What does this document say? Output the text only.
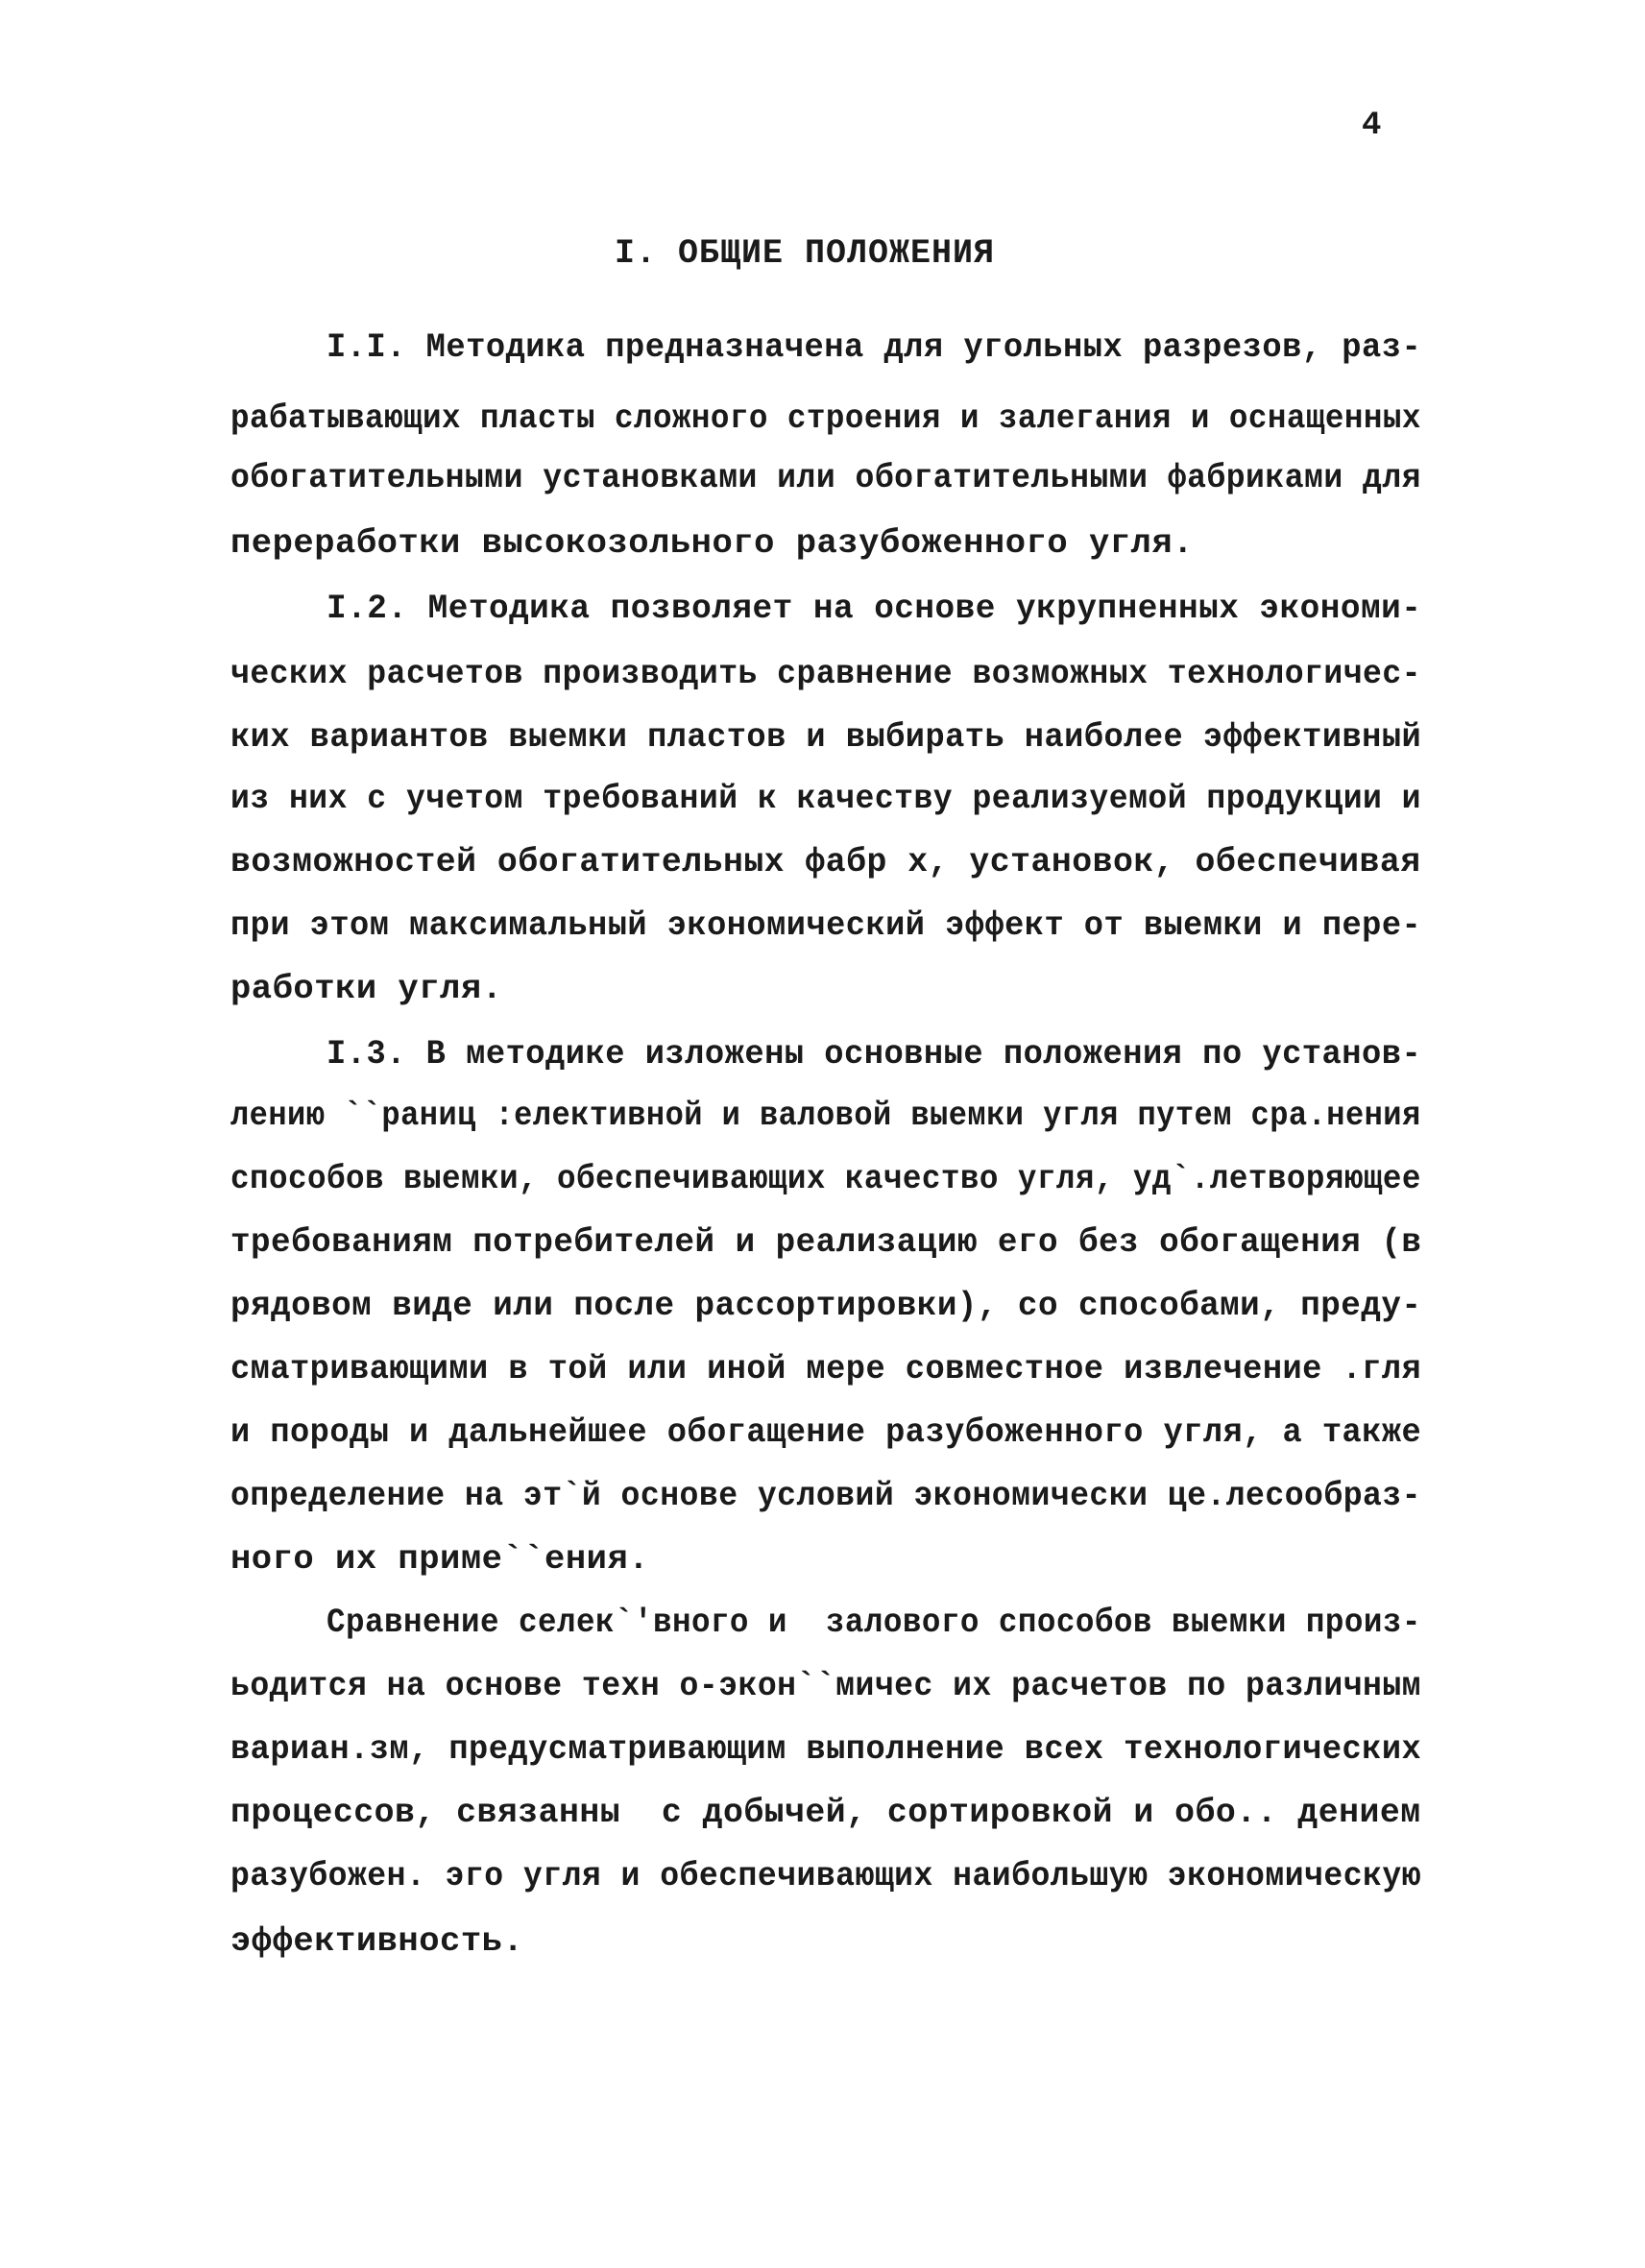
4
I. ОБЩИЕ ПОЛОЖЕНИЯ
I.I. Методика предназначена для угольных разрезов, раз-
рабатывающих пласты сложного строения и залегания и оснащенных
обогатительными установками или обогатительными фабриками для
переработки высокозольного разубоженного угля.
I.2. Методика позволяет на основе укрупненных экономи-
ческих расчетов производить сравнение возможных технологичес-
ких вариантов выемки пластов и выбирать наиболее эффективный
из них с учетом требований к качеству реализуемой продукции и
возможностей обогатительных фабр х, установок, обеспечивая
при этом максимальный экономический эффект от выемки и пере-
работки угля.
I.3. В методике изложены основные положения по установ-
лению ``раниц :елективной и валовой выемки угля путем сра.нения
способов выемки, обеспечивающих качество угля, уд`.летворяющее
требованиям потребителей и реализацию его без обогащения (в
рядовом виде или после рассортировки), со способами, преду-
сматривающими в той или иной мере совместное извлечение .гля
и породы и дальнейшее обогащение разубоженного угля, а также
определение на эт`й основе условий экономически це.лесообраз-
ного их приме``ения.
Сравнение селек`'вного и  залового способов выемки произ-
ьодится на основе техн о-экон``мичес их расчетов по различным
вариан.зм, предусматривающим выполнение всех технологических
процессов, связанны  с добычей, сортировкой и обо.. дением
разубожен. эго угля и обеспечивающих наибольшую экономическую
эффективность.
